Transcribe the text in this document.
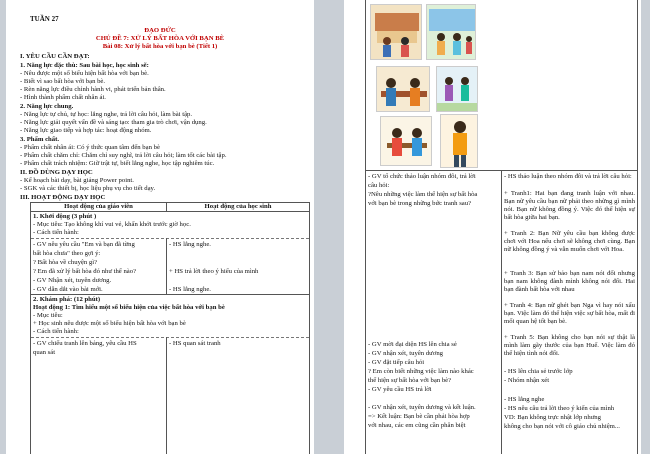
TUẦN 27
ĐẠO ĐỨC
CHỦ ĐỀ 7: XỬ LÝ BẤT HÒA VỚI BẠN BÈ
Bài 08: Xử lý bất hòa với bạn bè (Tiết 1)
I. YÊU CẦU CẦN ĐẠT:
1. Năng lực đặc thù: Sau bài học, học sinh sẽ:
- Nêu được một số biểu hiện bất hòa với bạn bè.
- Biết vì sao bất hòa với bạn bè.
- Rèn năng lực điều chỉnh hành vi, phát triển bản thân.
- Hình thành phẩm chất nhân ái.
2. Năng lực chung.
- Năng lực tự chủ, tự học: lắng nghe, trả lời câu hỏi, làm bài tập.
- Năng lực giải quyết vấn đề và sáng tạo: tham gia trò chơi, vận dụng.
- Năng lực giao tiếp và hợp tác: hoạt động nhóm.
3. Phẩm chất.
- Phẩm chất nhân ái: Có ý thức quan tâm đến bạn bè
- Phẩm chất chăm chỉ: Chăm chỉ suy nghĩ, trả lời câu hỏi; làm tốt các bài tập.
- Phẩm chất trách nhiệm: Giữ trật tự, biết lắng nghe, học tập nghiêm túc.
II. ĐỒ DÙNG DẠY HỌC
- Kế hoạch bài dạy, bài giảng Power point.
- SGK và các thiết bị, học liệu phụ vụ cho tiết dạy.
III. HOẠT ĐỘNG DẠY HỌC
Hoạt động của giáo viên	Hoạt động của học sinh
1. Khởi động (3 phút )
- Mục tiêu: Tạo không khí vui vẻ, khấn khởi trước giờ học.
- Cách tiến hành:
- GV nêu yêu cầu "Em và bạn đã từng
bất hòa chưa" theo gợi ý:
? Bất hòa về chuyện gì?
? Em đã xử lý bất hòa đó như thế nào?
- GV Nhận xét, tuyên dương.
- GV dẫn dắt vào bài mới.
- HS lắng nghe.
+ HS trả lời theo ý hiểu của mình
- HS lắng nghe.
2. Khám phá: (12 phút)
Hoạt động 1: Tìm hiểu một số biểu hiện của việc bất hòa với bạn bè
- Mục tiêu:
+ Học sinh nêu được một số biểu hiện bất hòa với bạn bè
- Cách tiến hành:
- GV chiếu tranh lên bảng, yêu cầu HS
quan sát
- HS quan sát tranh
- GV tổ chức thảo luận nhóm đôi, trả lời
câu hỏi:
?Nêu những việc làm thể hiện sự bất hòa
với bạn bè trong những bức tranh sau?
- HS thảo luận theo nhóm đôi và trả lời câu hỏi:
+ Tranh1: Hai bạn đang tranh luận với nhau. Bạn nữ yêu cầu bạn nữ phải theo những gì mình nói. Bạn nữ không đồng ý. Việc đó thể hiện sự bất hòa giữa hai bạn.
+ Tranh 2: Bạn Nữ yêu cầu bạn không được chơi với Hoa nếu chơi sẽ không chơi cùng. Bạn nữ không đồng ý và vẫn muốn chơi với Hoa.
+ Tranh 3: Bạn sử bảo bạn nam nói đối nhưng bạn nam không đành mình không nói đối. Hai bạn đành bất hòa với nhau
+ Tranh 4: Bạn nữ ghét bạn Nga vì hay nói xấu bạn. Việc làm đó thể hiện việc sự bất hòa, mất đi mối quan hệ tốt bạn bè.
+ Tranh 5: Bạn không cho bạn nói sự thật là mình làm gãy thước của bạn Huế. Việc làm đó thể hiện tình nói đối.
- GV mời đại diện HS lên chia sẻ
- GV nhận xét, tuyên dương
- GV đặt tiếp câu hỏi
? Em còn biết những việc làm nào khác
thể hiện sự bất hòa với bạn bè?
- GV yêu cầu HS trả lời
- GV nhận xét, tuyên dương và kết luận.
=> Kết luận: Bạn bè cần phải hòa hợp
với nhau, các em cũng cần phân biệt
- HS lên chia sẻ trước lớp
- Nhóm nhận xét
- HS lắng nghe
- HS nêu câu trả lời theo ý kiến của mình
VD: Bạn không trực nhật lớp nhưng
không cho bạn nói với cô giáo chủ nhiệm...
